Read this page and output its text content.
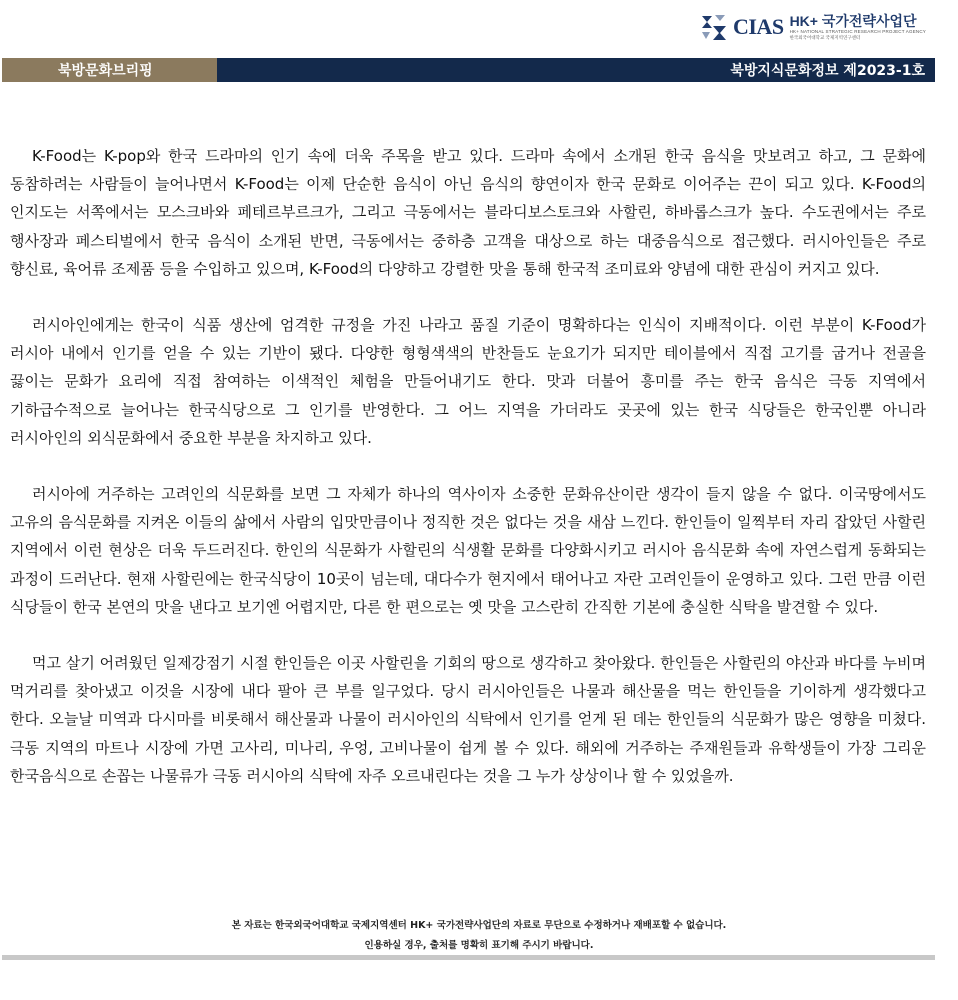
CIAS HK+ 국가전략사업단
HK+ NATIONAL STRATEGIC RESEARCH PROJECT AGENCY
한국외국어대학교 국제지역연구센터
북방문화브리핑	북방지식문화정보 제2023-1호

K-Food는 K-pop와 한국 드라마의 인기 속에 더욱 주목을 받고 있다. 드라마 속에서 소개된 한국 음식을 맛보려고 하고, 그 문화에 동참하려는 사람들이 늘어나면서 K-Food는 이제 단순한 음식이 아닌 음식의 향연이자 한국 문화로 이어주는 끈이 되고 있다. K-Food의 인지도는 서쪽에서는 모스크바와 페테르부르크가, 그리고 극동에서는 블라디보스토크와 사할린, 하바롭스크가 높다. 수도권에서는 주로 행사장과 페스티벌에서 한국 음식이 소개된 반면, 극동에서는 중하층 고객을 대상으로 하는 대중음식으로 접근했다. 러시아인들은 주로 향신료, 육어류 조제품 등을 수입하고 있으며, K-Food의 다양하고 강렬한 맛을 통해 한국적 조미료와 양념에 대한 관심이 커지고 있다.

러시아인에게는 한국이 식품 생산에 엄격한 규정을 가진 나라고 품질 기준이 명확하다는 인식이 지배적이다. 이런 부분이 K-Food가 러시아 내에서 인기를 얻을 수 있는 기반이 됐다. 다양한 형형색색의 반찬들도 눈요기가 되지만 테이블에서 직접 고기를 굽거나 전골을 끓이는 문화가 요리에 직접 참여하는 이색적인 체험을 만들어내기도 한다. 맛과 더불어 흥미를 주는 한국 음식은 극동 지역에서 기하급수적으로 늘어나는 한국식당으로 그 인기를 반영한다. 그 어느 지역을 가더라도 곳곳에 있는 한국 식당들은 한국인뿐 아니라 러시아인의 외식문화에서 중요한 부분을 차지하고 있다.

러시아에 거주하는 고려인의 식문화를 보면 그 자체가 하나의 역사이자 소중한 문화유산이란 생각이 들지 않을 수 없다. 이국땅에서도 고유의 음식문화를 지켜온 이들의 삶에서 사람의 입맛만큼이나 정직한 것은 없다는 것을 새삼 느낀다. 한인들이 일찍부터 자리 잡았던 사할린 지역에서 이런 현상은 더욱 두드러진다. 한인의 식문화가 사할린의 식생활 문화를 다양화시키고 러시아 음식문화 속에 자연스럽게 동화되는 과정이 드러난다. 현재 사할린에는 한국식당이 10곳이 넘는데, 대다수가 현지에서 태어나고 자란 고려인들이 운영하고 있다. 그런 만큼 이런 식당들이 한국 본연의 맛을 낸다고 보기엔 어렵지만, 다른 한 편으로는 옛 맛을 고스란히 간직한 기본에 충실한 식탁을 발견할 수 있다.

먹고 살기 어려웠던 일제강점기 시절 한인들은 이곳 사할린을 기회의 땅으로 생각하고 찾아왔다. 한인들은 사할린의 야산과 바다를 누비며 먹거리를 찾아냈고 이것을 시장에 내다 팔아 큰 부를 일구었다. 당시 러시아인들은 나물과 해산물을 먹는 한인들을 기이하게 생각했다고 한다. 오늘날 미역과 다시마를 비롯해서 해산물과 나물이 러시아인의 식탁에서 인기를 얻게 된 데는 한인들의 식문화가 많은 영향을 미쳤다. 극동 지역의 마트나 시장에 가면 고사리, 미나리, 우엉, 고비나물이 쉽게 볼 수 있다. 해외에 거주하는 주재원들과 유학생들이 가장 그리운 한국음식으로 손꼽는 나물류가 극동 러시아의 식탁에 자주 오르내린다는 것을 그 누가 상상이나 할 수 있었을까.

본 자료는 한국외국어대학교 국제지역센터 HK+ 국가전략사업단의 자료로 무단으로 수정하거나 재배포할 수 없습니다.
인용하실 경우, 출처를 명확히 표기해 주시기 바랍니다.
